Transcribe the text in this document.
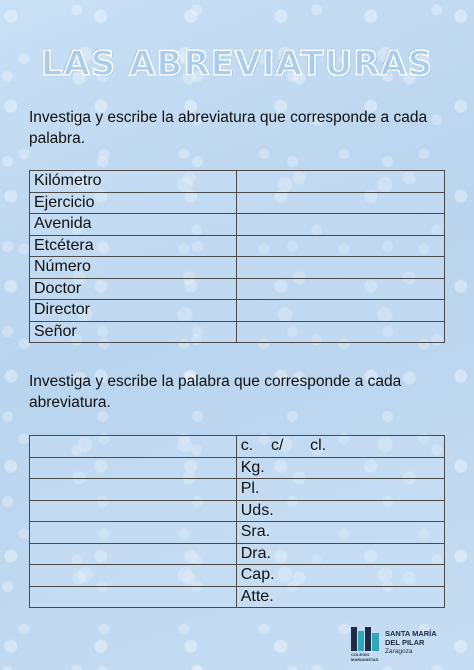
LAS ABREVIATURAS
Investiga y escribe la abreviatura que corresponde a cada palabra.
Kilómetro	
Ejercicio	
Avenida	
Etcétera	
Número	
Doctor	
Director	
Señor	
Investiga y escribe la palabra que corresponde a cada abreviatura.
	c.    c/      cl.
	Kg.
	Pl.
	Uds.
	Sra.
	Dra.
	Cap.
	Atte.
COLEGIO
MARIANISTAS
SANTA MARÍA
DEL PILAR
Zaragoza
